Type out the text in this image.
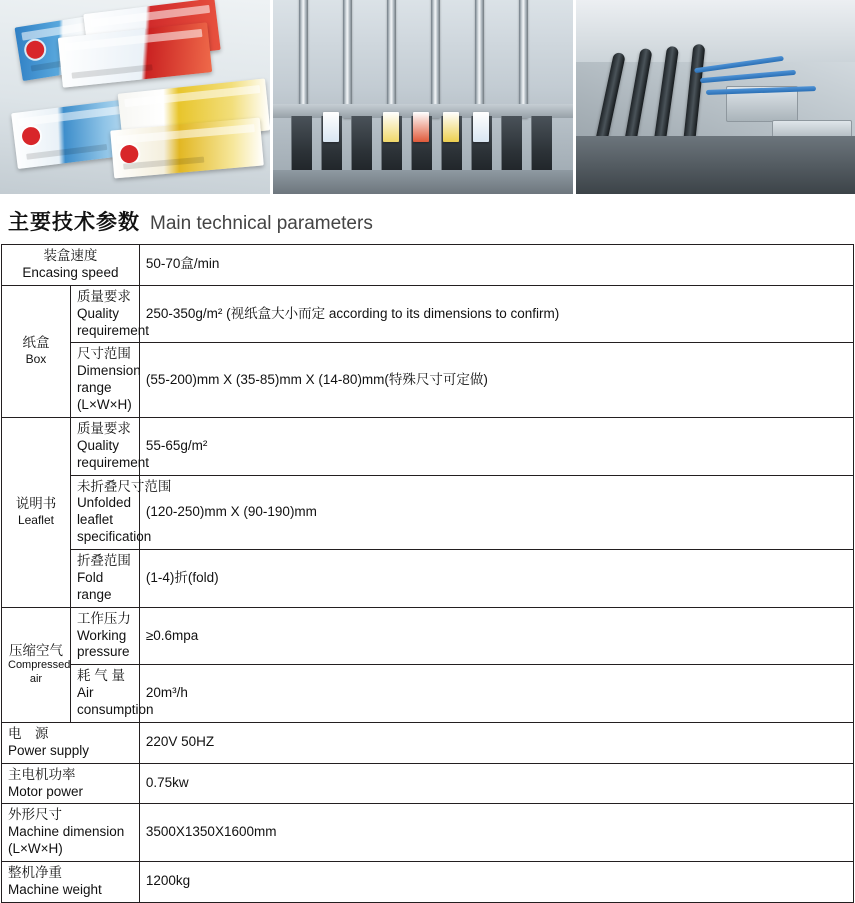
主要技术参数 Main technical parameters
装盒速度Encasing speed		50-70盒/min

纸盒
Box	质量要求Quality requirement	250-350g/m² (视纸盒大小而定 according to its dimensions to confirm)
	尺寸范围Dimension range (L×W×H)	(55-200)mm X (35-85)mm X (14-80)mm(特殊尺寸可定做)

说明书
Leaflet	质量要求Quality requirement	55-65g/m²
	未折叠尺寸范围Unfolded leaflet specification	(120-250)mm X (90-190)mm
	折叠范围Fold range	(1-4)折(fold)

压缩空气
Compressed air	工作压力Working pressure	≥0.6mpa
	耗 气 量Air consumption	20m³/h
电　源Power supply		220V 50HZ
主电机功率Motor power		0.75kw
外形尺寸Machine dimension (L×W×H)		3500X1350X1600mm
整机净重Machine weight		1200kg
